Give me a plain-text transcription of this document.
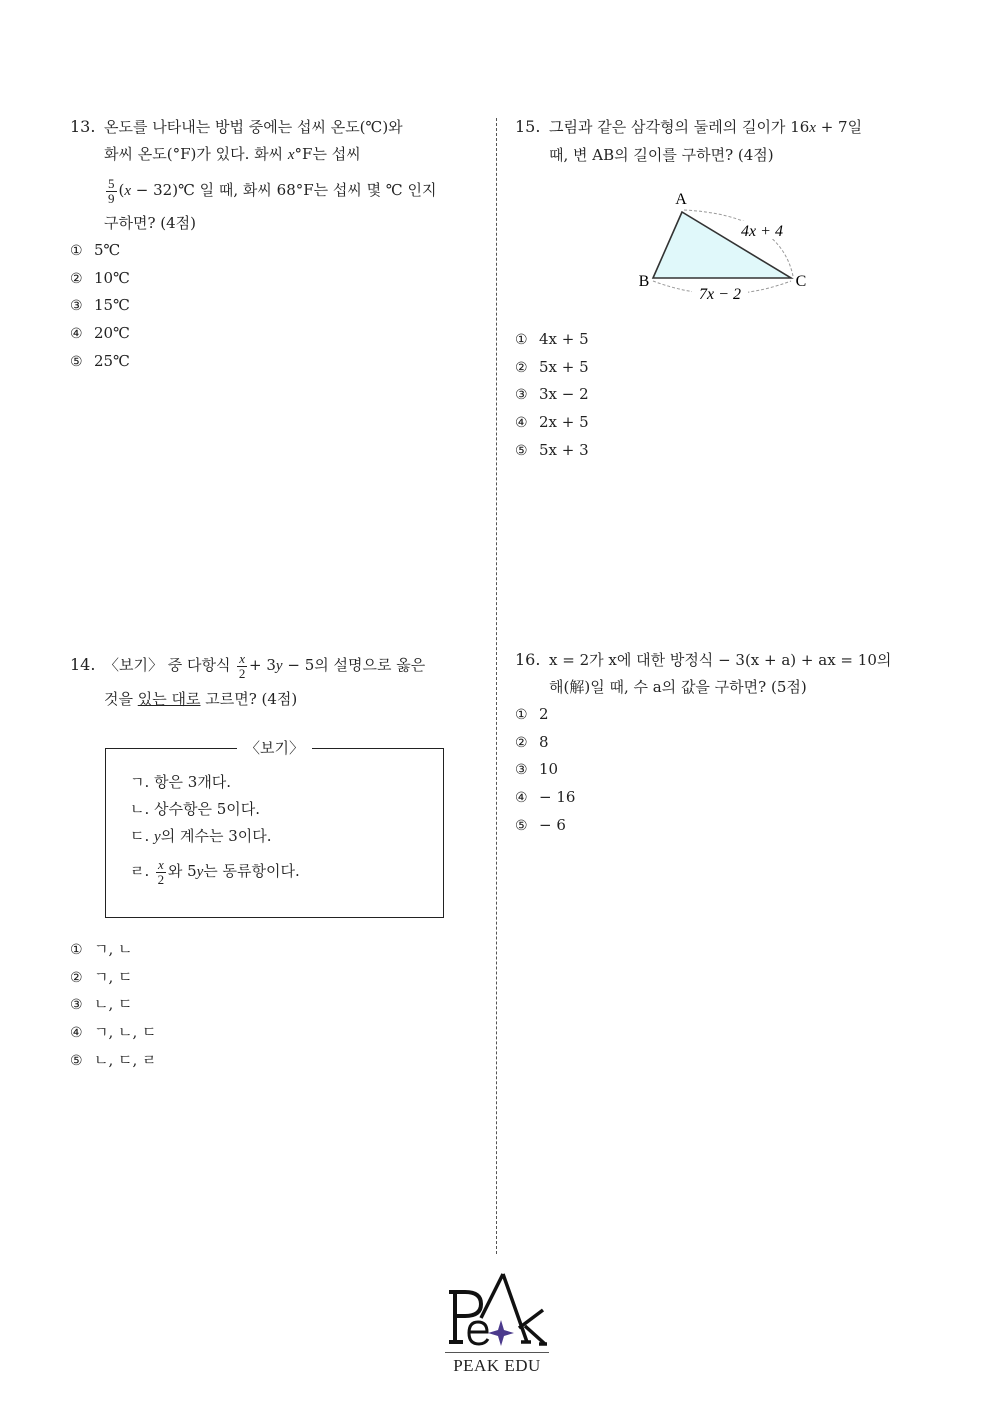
13. 온도를 나타내는 방법 중에는 섭씨 온도(℃)와
화씨 온도(°F)가 있다. 화씨 x°F는 섭씨
$\frac{5}{9} (x$ − 32)℃ 일 때, 화씨 68°F는 섭씨 몇 ℃ 인지
구하면? (4점)
① 5℃
② 10℃
③ 15℃
④ 20℃
⑤ 25℃
14. 〈보기〉 중 다항식 $\frac{x}{2} + 3y - 5$의 설명으로 옳은
것을 있는 대로 고르면? (4점)
〈보기〉
ㄱ. 항은 3개다.
ㄴ. 상수항은 5이다.
ㄷ. y의 계수는 3이다.
ㄹ. $\frac{x}{2}$ 와 5y는 동류항이다.
① ㄱ, ㄴ
② ㄱ, ㄷ
③ ㄴ, ㄷ
④ ㄱ, ㄴ, ㄷ
⑤ ㄴ, ㄷ, ㄹ
15. 그림과 같은 삼각형의 둘레의 길이가 16x + 7일
때, 변 AB의 길이를 구하면? (4점)
A
B	C
4x + 4
7x − 2
① 4x + 5
② 5x + 5
③ 3x − 2
④ 2x + 5
⑤ 5x + 3
16. x = 2가 x에 대한 방정식 − 3(x + a) + ax = 10의
해(解)일 때, 수 a의 값을 구하면? (5점)
① 2
② 8
③ 10
④ − 16
⑤ − 6
PEAK EDU
